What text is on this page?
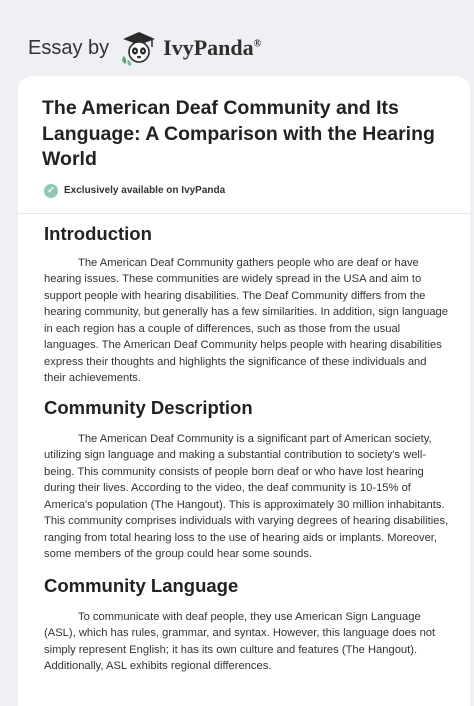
Essay by IvyPanda®
The American Deaf Community and Its Language: A Comparison with the Hearing World
✓ Exclusively available on IvyPanda
Introduction

The American Deaf Community gathers people who are deaf or have hearing issues. These communities are widely spread in the USA and aim to support people with hearing disabilities. The Deaf Community differs from the hearing community, but generally has a few similarities. In addition, sign language in each region has a couple of differences, such as those from the usual languages. The American Deaf Community helps people with hearing disabilities express their thoughts and highlights the significance of these individuals and their achievements.

Community Description

The American Deaf Community is a significant part of American society, utilizing sign language and making a substantial contribution to society's well-being. This community consists of people born deaf or who have lost hearing during their lives. According to the video, the deaf community is 10-15% of America's population (The Hangout). This is approximately 30 million inhabitants. This community comprises individuals with varying degrees of hearing disabilities, ranging from total hearing loss to the use of hearing aids or implants. Moreover, some members of the group could hear some sounds.

Community Language

To communicate with deaf people, they use American Sign Language (ASL), which has rules, grammar, and syntax. However, this language does not simply represent English; it has its own culture and features (The Hangout). Additionally, ASL exhibits regional differences.
